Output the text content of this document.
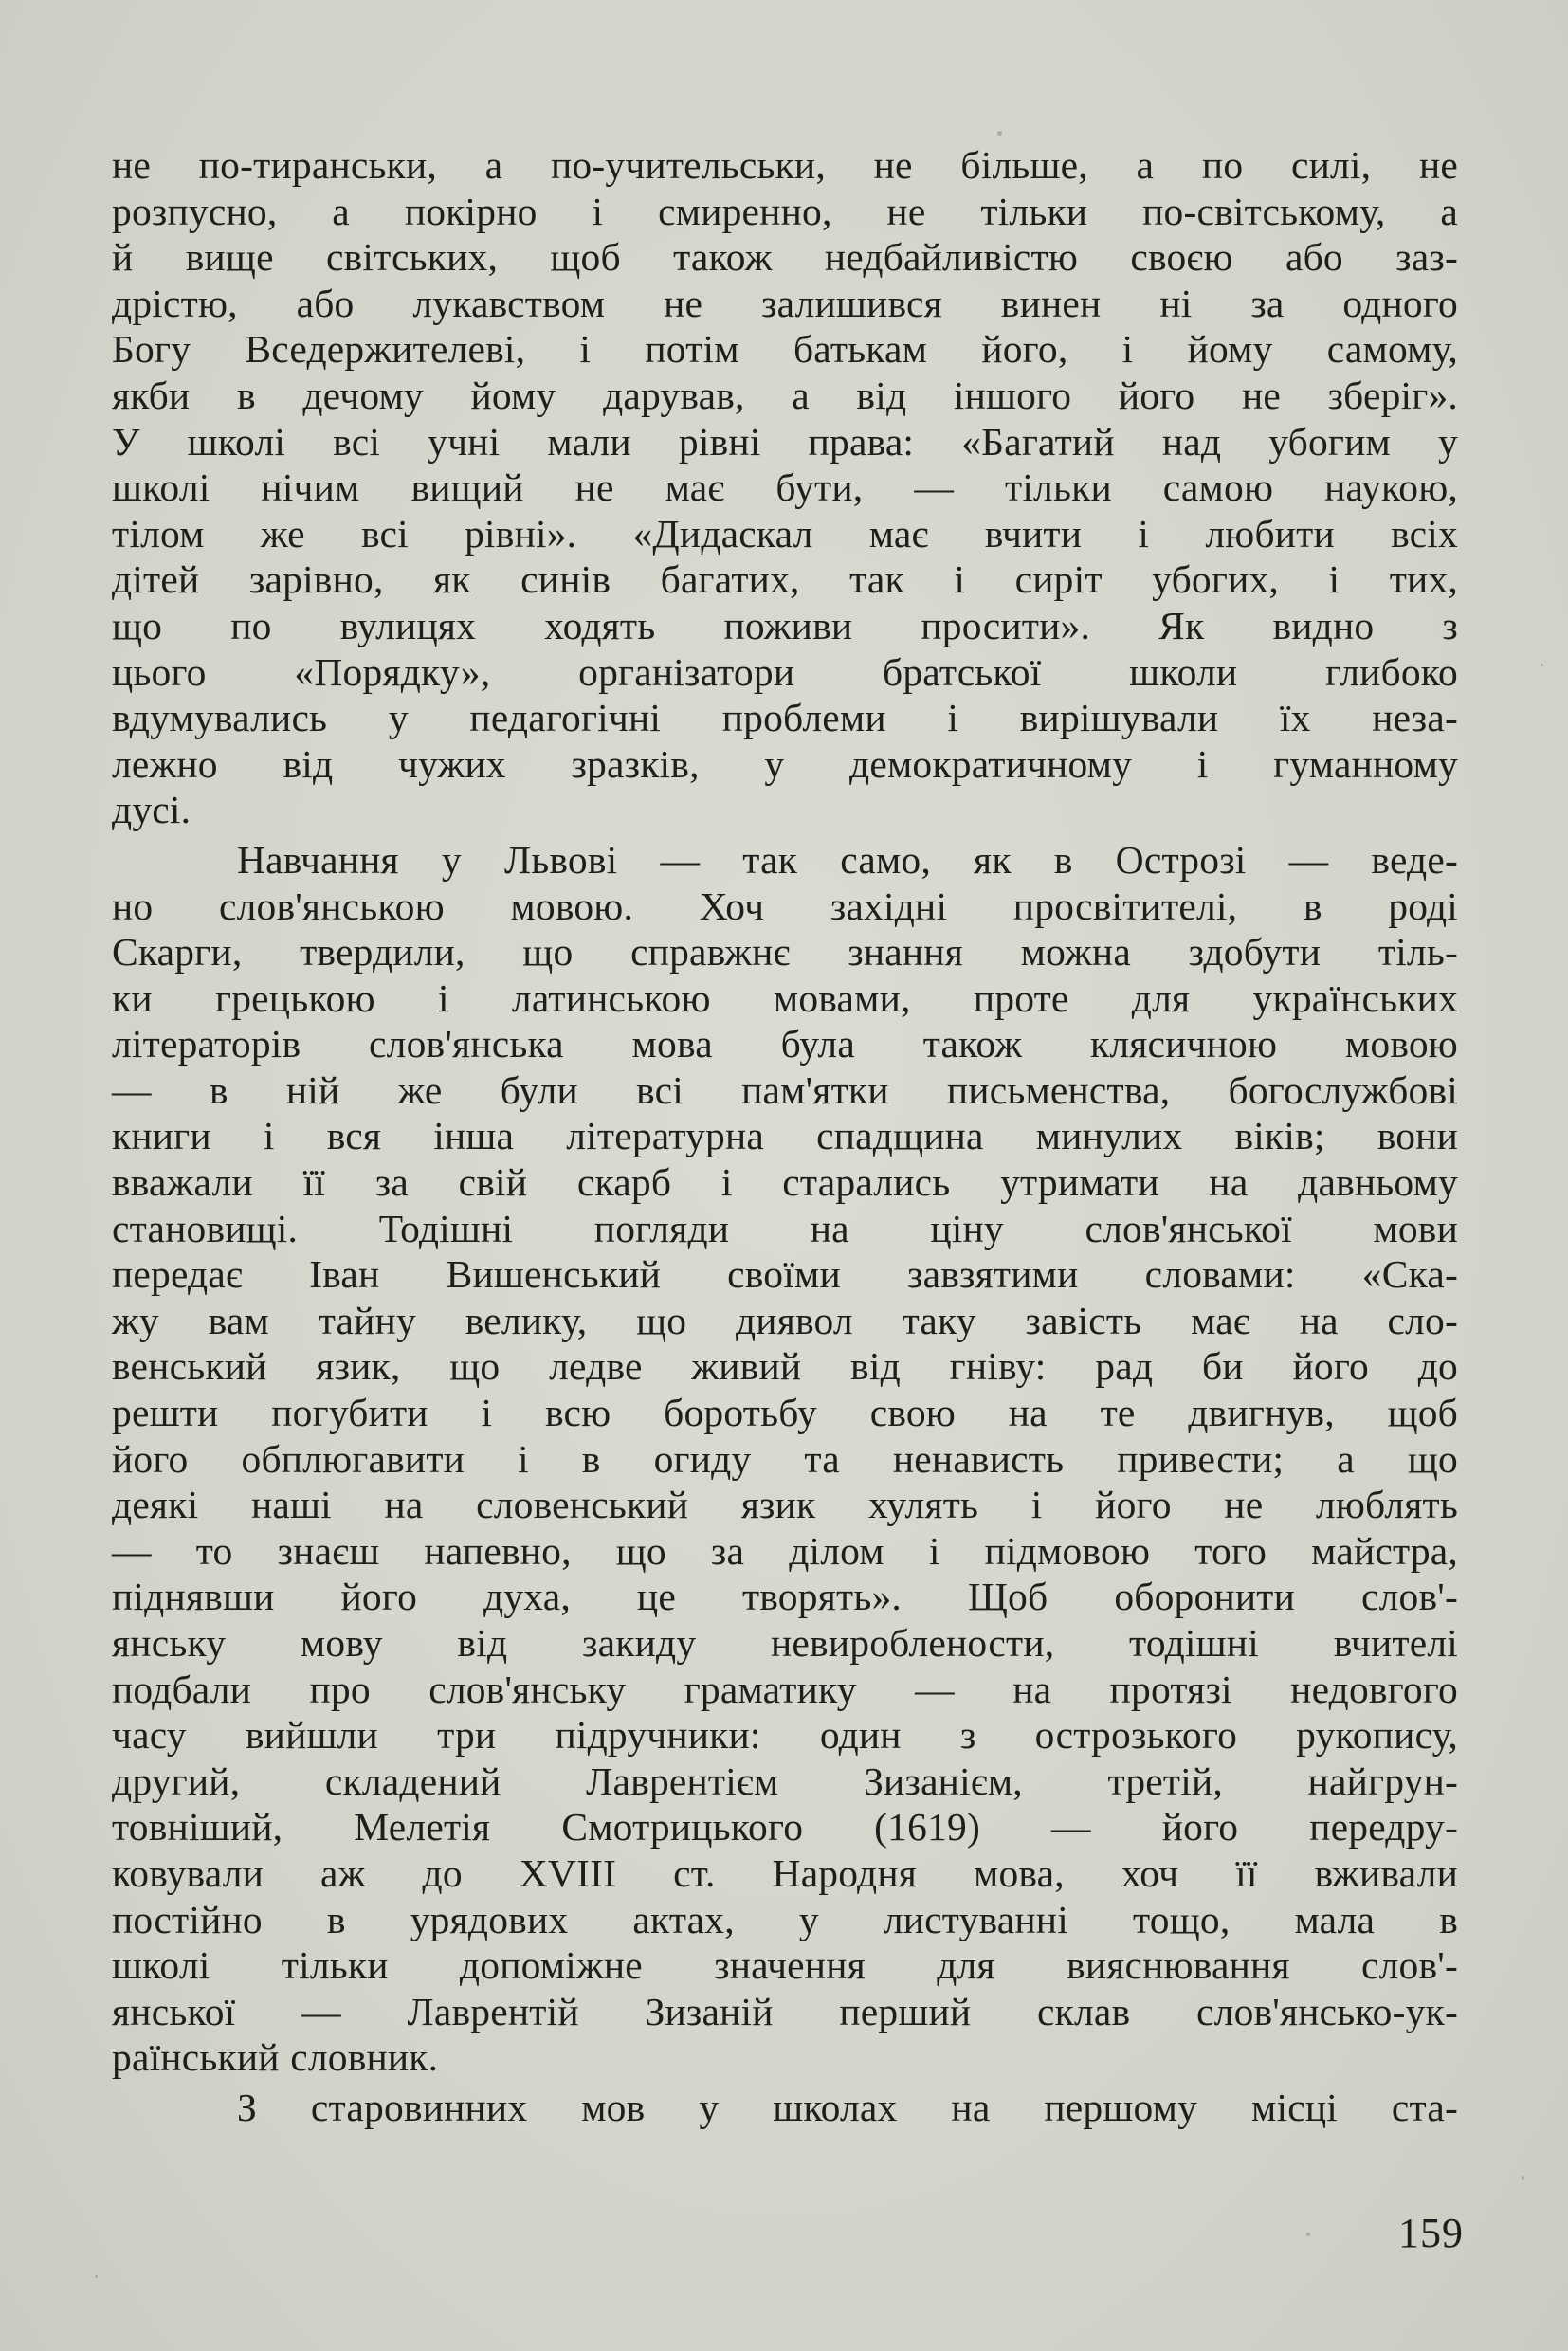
не по-тиранськи, а по-учительськи, не більше, а по силі, не
розпусно, а покірно і смиренно, не тільки по-світському, а
й вище світських, щоб також недбайливістю своєю або заз-
дрістю, або лукавством не залишився винен ні за одного
Богу Вседержителеві, і потім батькам його, і йому самому,
якби в дечому йому дарував, а від іншого його не зберіг».
У школі всі учні мали рівні права: «Багатий над убогим у
школі нічим вищий не має бути, — тільки самою наукою,
тілом же всі рівні». «Дидаскал має вчити і любити всіх
дітей зарівно, як синів багатих, так і сиріт убогих, і тих,
що по вулицях ходять поживи просити». Як видно з
цього «Порядку», організатори братської школи глибоко
вдумувались у педагогічні проблеми і вирішували їх неза-
лежно від чужих зразків, у демократичному і гуманному
дусі.
Навчання у Львові — так само, як в Острозі — веде-
но слов'янською мовою. Хоч західні просвітителі, в роді
Скарги, твердили, що справжнє знання можна здобути тіль-
ки грецькою і латинською мовами, проте для українських
літераторів слов'янська мова була також клясичною мовою
— в ній же були всі пам'ятки письменства, богослужбові
книги і вся інша літературна спадщина минулих віків; вони
вважали її за свій скарб і старались утримати на давньому
становищі. Тодішні погляди на ціну слов'янської мови
передає Іван Вишенський своїми завзятими словами: «Ска-
жу вам тайну велику, що диявол таку завість має на сло-
венський язик, що ледве живий від гніву: рад би його до
решти погубити і всю боротьбу свою на те двигнув, щоб
його обплюгавити і в огиду та ненависть привести; а що
деякі наші на словенський язик хулять і його не люблять
— то знаєш напевно, що за ділом і підмовою того майстра,
піднявши його духа, це творять». Щоб оборонити слов'-
янську мову від закиду невироблености, тодішні вчителі
подбали про слов'янську граматику — на протязі недовгого
часу вийшли три підручники: один з острозького рукопису,
другий, складений Лаврентієм Зизанієм, третій, найгрун-
товніший, Мелетія Смотрицького (1619) — його передру-
ковували аж до XVIII ст. Народня мова, хоч її вживали
постійно в урядових актах, у листуванні тощо, мала в
школі тільки допоміжне значення для вияснювання слов'-
янської — Лаврентій Зизаній перший склав слов'янсько-ук-
раїнський словник.
З старовинних мов у школах на першому місці ста-
159
